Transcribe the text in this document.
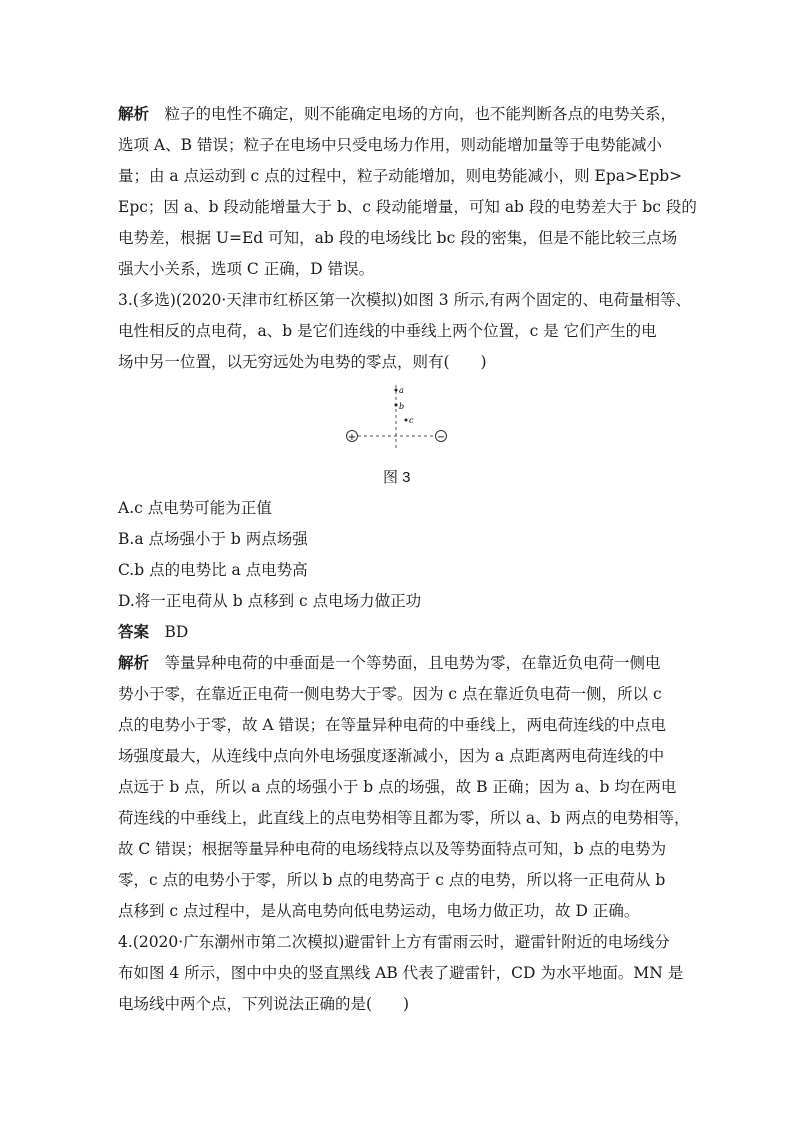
解析　 粒子的电性不确定，则不能确定电场的方向，也不能判断各点的电势关系，
选项 A、B 错误；粒子在电场中只受电场力作用，则动能增加量等于电势能减小
量；由 a 点运动到 c 点的过程中，粒子动能增加，则电势能减小，则 Epa>Epb>
Epc；因 a、b 段动能增量大于 b、c 段动能增量，可知 ab 段的电势差大于 bc 段的
电势差，根据 U=Ed 可知，ab 段的电场线比 bc 段的密集，但是不能比较三点场
强大小关系，选项 C 正确，D 错误。
3.(多选)(2020·天津市红桥区第一次模拟)如图 3 所示,有两个固定的、电荷量相等、
电性相反的点电荷，a、b 是它们连线的中垂线上两个位置，c 是 它们产生的电
场中另一位置，以无穷远处为电势的零点，则有(　　)
+	−
a
b
c
图 3
A.c 点电势可能为正值
B.a 点场强小于 b 两点场强
C.b 点的电势比 a 点电势高
D.将一正电荷从 b 点移到 c 点电场力做正功
答案　 BD
解析　 等量异种电荷的中垂面是一个等势面，且电势为零，在靠近负电荷一侧电
势小于零，在靠近正电荷一侧电势大于零。因为 c 点在靠近负电荷一侧，所以 c
点的电势小于零，故 A 错误；在等量异种电荷的中垂线上，两电荷连线的中点电
场强度最大，从连线中点向外电场强度逐渐减小，因为 a 点距离两电荷连线的中
点远于 b 点，所以 a 点的场强小于 b 点的场强，故 B 正确；因为 a、b 均在两电
荷连线的中垂线上，此直线上的点电势相等且都为零，所以 a、b 两点的电势相等，
故 C 错误；根据等量异种电荷的电场线特点以及等势面特点可知，b 点的电势为
零，c 点的电势小于零，所以 b 点的电势高于 c 点的电势，所以将一正电荷从 b
点移到 c 点过程中，是从高电势向低电势运动，电场力做正功，故 D 正确。
4.(2020·广东潮州市第二次模拟)避雷针上方有雷雨云时，避雷针附近的电场线分
布如图 4 所示，图中中央的竖直黑线 AB 代表了避雷针，CD 为水平地面。MN 是
电场线中两个点，下列说法正确的是(　　)
